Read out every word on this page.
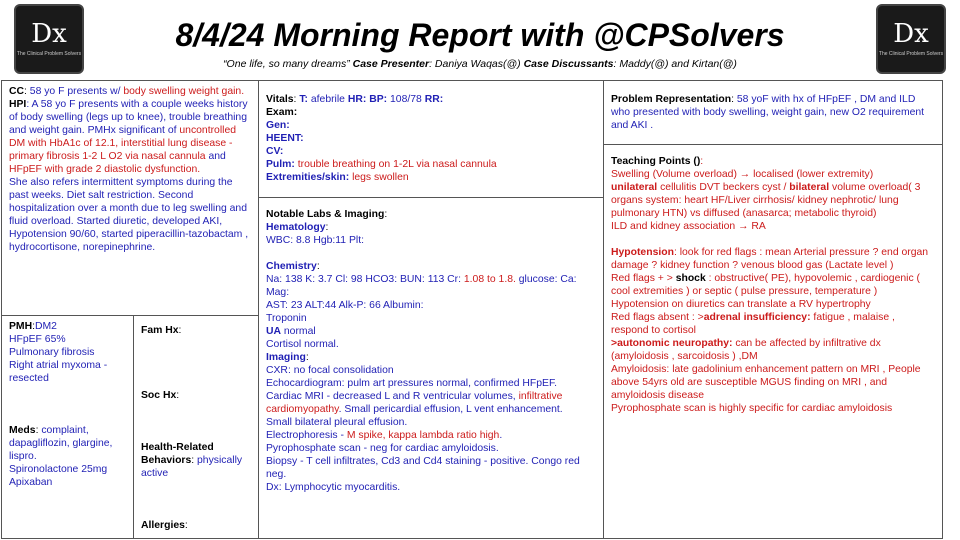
Dx
The Clinical Problem Solvers
Dx
The Clinical Problem Solvers
8/4/24 Morning Report with @CPSolvers
“One life, so many dreams” Case Presenter: Daniya Waqas(@) Case Discussants: Maddy(@) and Kirtan(@)
CC: 58 yo F presents w/ body swelling weight gain.
HPI: A 58 yo F presents with a couple weeks history of body swelling (legs up to knee), trouble breathing and weight gain. PMHx significant of uncontrolled DM with HbA1c of 12.1, interstitial lung disease - primary fibrosis 1-2 L O2 via nasal cannula and HFpEF with grade 2 diastolic dysfunction.
She also refers intermittent symptoms during the past weeks. Diet salt restriction. Second hospitalization over a month due to leg swelling and fluid overload. Started diuretic, developed AKI, Hypotension 90/60, started piperacillin-tazobactam , hydrocortisone, norepinephrine.
PMH:DM2
HFpEF 65%
Pulmonary fibrosis
Right atrial myxoma - resected
Meds: complaint, dapagliflozin, glargine, lispro.
Spironolactone 25mg
Apixaban
Fam Hx:
Soc Hx:
Health-Related Behaviors: physically active
Allergies:
Vitals: T: afebrile HR: BP: 108/78 RR:
Exam:
Gen:
HEENT:
CV:
Pulm: trouble breathing on 1-2L via nasal cannula
Extremities/skin: legs swollen
Notable Labs & Imaging:
Hematology:
WBC: 8.8 Hgb:11 Plt:
Chemistry:
Na: 138 K: 3.7 Cl: 98 HCO3: BUN: 113 Cr: 1.08 to 1.8. glucose: Ca: Mag:
AST: 23 ALT:44 Alk-P: 66 Albumin:
Troponin
UA normal
Cortisol normal.
Imaging:
CXR: no focal consolidation
Echocardiogram: pulm art pressures normal, confirmed HFpEF.
Cardiac MRI - decreased L and R ventricular volumes, infiltrative cardiomyopathy. Small pericardial effusion, L vent enhancement.
Small bilateral pleural effusion.
Electrophoresis - M spike, kappa lambda ratio high.
Pyrophosphate scan - neg for cardiac amyloidosis.
Biopsy - T cell infiltrates, Cd3 and Cd4 staining - positive. Congo red neg.
Dx: Lymphocytic myocarditis.
Problem Representation: 58 yoF with hx of HFpEF , DM and ILD who presented with body swelling, weight gain, new O2 requirement and AKI .
Teaching Points ():
Swelling (Volume overload) → localised (lower extremity)
unilateral cellulitis DVT beckers cyst / bilateral volume overload( 3 organs system: heart HF/Liver cirrhosis/ kidney nephrotic/ lung pulmonary HTN) vs diffused (anasarca; metabolic thyroid)
ILD and kidney association → RA
Hypotension: look for red flags : mean Arterial pressure ? end organ damage ? kidney function ? venous blood gas (Lactate level )
Red flags + > shock : obstructive( PE), hypovolemic , cardiogenic ( cool extremities ) or septic ( pulse pressure, temperature )
Hypotension on diuretics can translate a RV hypertrophy
Red flags absent : >adrenal insufficiency: fatigue , malaise , respond to cortisol
>autonomic neuropathy: can be affected by infiltrative dx (amyloidosis , sarcoidosis ) ,DM
Amyloidosis: late gadolinium enhancement pattern on MRI , People above 54yrs old are susceptible MGUS finding on MRI , and amyloidosis disease
Pyrophosphate scan is highly specific for cardiac amyloidosis
